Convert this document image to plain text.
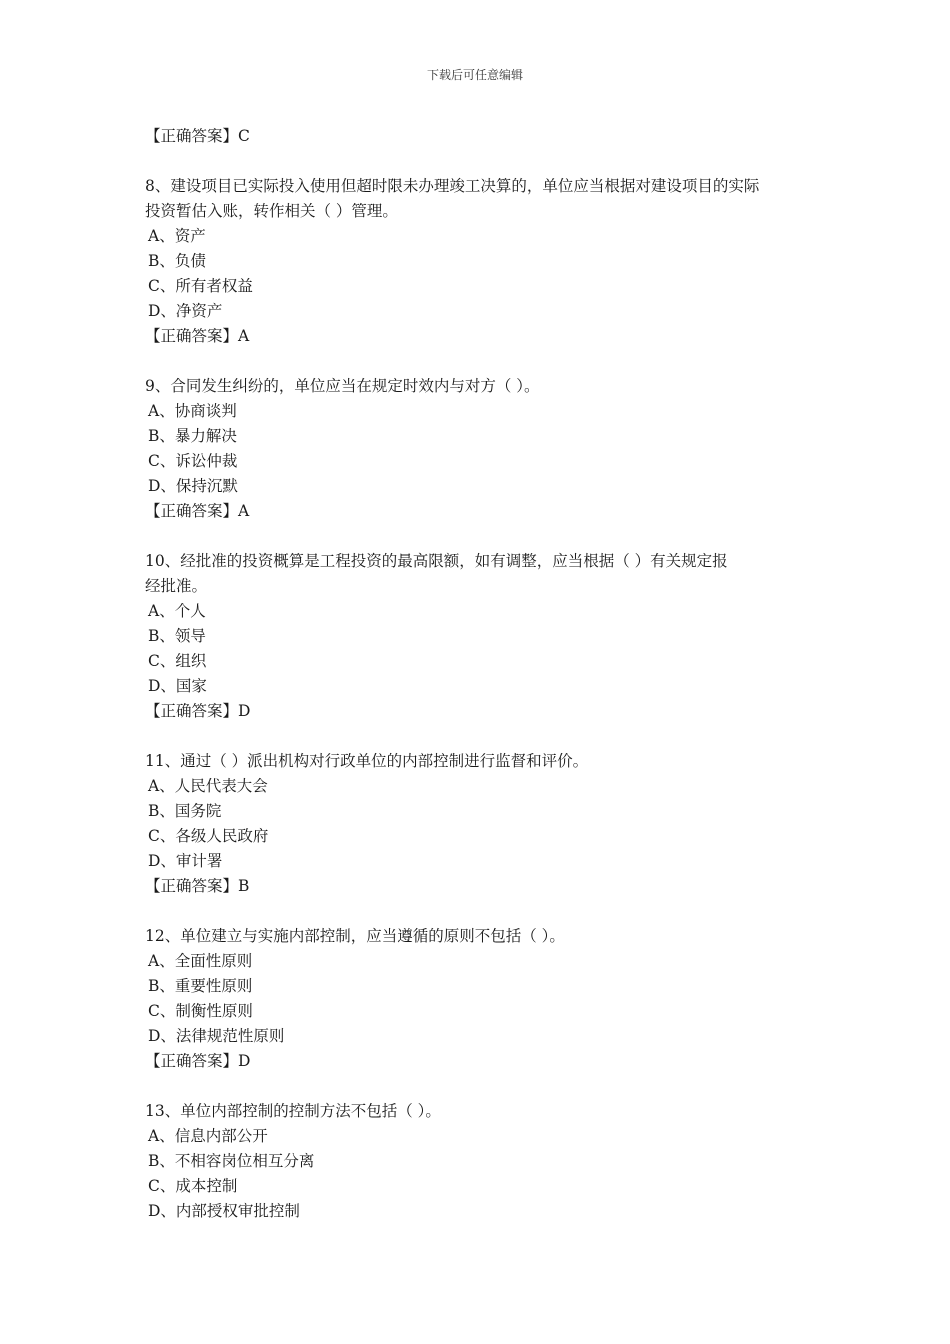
下载后可任意编辑
【正确答案】C
8、建设项目已实际投入使用但超时限未办理竣工决算的，单位应当根据对建设项目的实际
投资暂估入账，转作相关（ ）管理。
A、资产
B、负债
C、所有者权益
D、净资产
【正确答案】A
9、合同发生纠纷的，单位应当在规定时效内与对方（ ）。
A、协商谈判
B、暴力解决
C、诉讼仲裁
D、保持沉默
【正确答案】A
10、经批准的投资概算是工程投资的最高限额，如有调整，应当根据（ ）有关规定报
经批准。
A、个人
B、领导
C、组织
D、国家
【正确答案】D
11、通过（ ）派出机构对行政单位的内部控制进行监督和评价。
A、人民代表大会
B、国务院
C、各级人民政府
D、审计署
【正确答案】B
12、单位建立与实施内部控制，应当遵循的原则不包括（ ）。
A、全面性原则
B、重要性原则
C、制衡性原则
D、法律规范性原则
【正确答案】D
13、单位内部控制的控制方法不包括（ ）。
A、信息内部公开
B、不相容岗位相互分离
C、成本控制
D、内部授权审批控制
